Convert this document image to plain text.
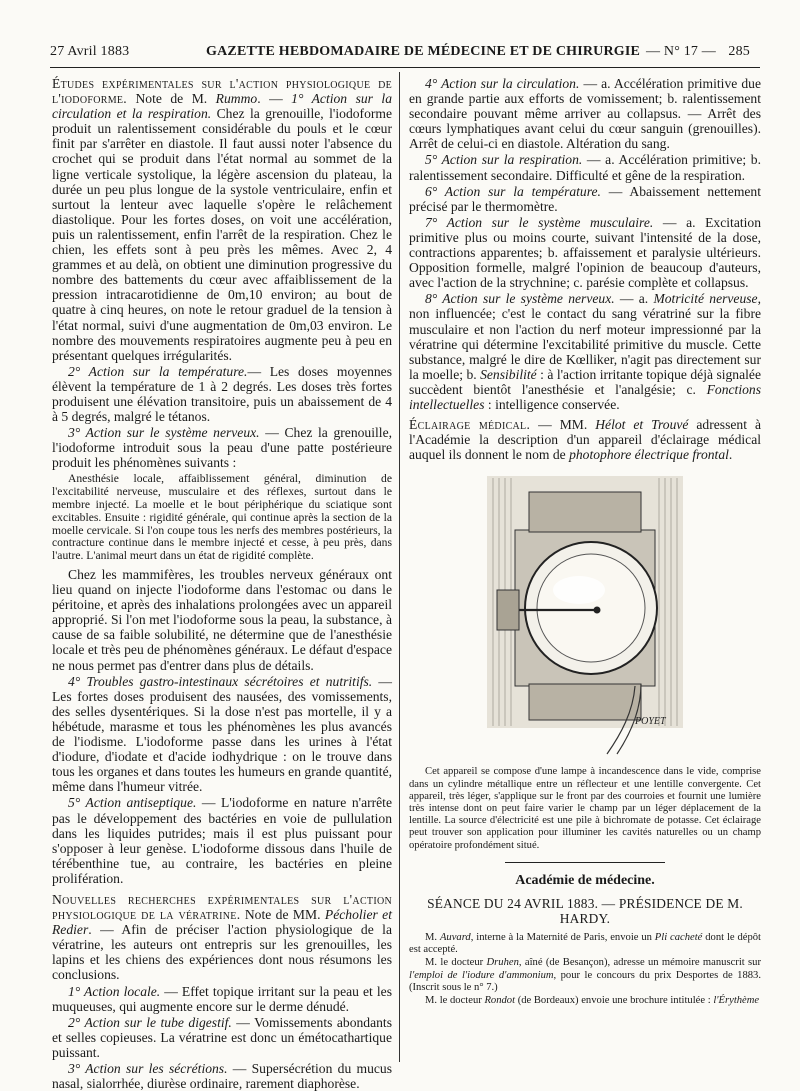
27 Avril 1883	GAZETTE HEBDOMADAIRE DE MÉDECINE ET DE CHIRURGIE — N° 17 — 285

Études expérimentales sur l'action physiologique de l'iodoforme. Note de M. Rummo. — 1° Action sur la circulation et la respiration. Chez la grenouille, l'iodoforme produit un ralentissement considérable du pouls et le cœur finit par s'arrêter en diastole. Il faut aussi noter l'absence du crochet qui se produit dans l'état normal au sommet de la ligne verticale systolique, la légère ascension du plateau, la durée un peu plus longue de la systole ventriculaire, enfin et surtout la lenteur avec laquelle s'opère le relâchement diastolique. Pour les fortes doses, on voit une accélération, puis un ralentissement, enfin l'arrêt de la respiration. Chez le chien, les effets sont à peu près les mêmes. Avec 2, 4 grammes et au delà, on obtient une diminution progressive du nombre des battements du cœur avec affaiblissement de la pression intracarotidienne de 0m,10 environ; au bout de quatre à cinq heures, on note le retour graduel de la tension à l'état normal, suivi d'une augmentation de 0m,03 environ. Le nombre des mouvements respiratoires augmente peu à peu en présentant quelques irrégularités.

2° Action sur la température.— Les doses moyennes élèvent la température de 1 à 2 degrés. Les doses très fortes produisent une élévation transitoire, puis un abaissement de 4 à 5 degrés, malgré le tétanos.

3° Action sur le système nerveux. — Chez la grenouille, l'iodoforme introduit sous la peau d'une patte postérieure produit les phénomènes suivants :

Anesthésie locale, affaiblissement général, diminution de l'excitabilité nerveuse, musculaire et des réflexes, surtout dans le membre injecté. La moelle et le bout périphérique du sciatique sont excitables. Ensuite : rigidité générale, qui continue après la section de la moelle cervicale. Si l'on coupe tous les nerfs des membres postérieurs, la contracture continue dans le membre injecté et cesse, à peu près, dans l'autre. L'animal meurt dans un état de rigidité complète.

Chez les mammifères, les troubles nerveux généraux ont lieu quand on injecte l'iodoforme dans l'estomac ou dans le péritoine, et après des inhalations prolongées avec un appareil approprié. Si l'on met l'iodoforme sous la peau, la substance, à cause de sa faible solubilité, ne détermine que de l'anesthésie locale et très peu de phénomènes généraux. Le défaut d'espace ne nous permet pas d'entrer dans plus de détails.

4° Troubles gastro-intestinaux sécrétoires et nutritifs. — Les fortes doses produisent des nausées, des vomissements, des selles dysentériques. Si la dose n'est pas mortelle, il y a hébétude, marasme et tous les phénomènes les plus avancés de l'iodisme. L'iodoforme passe dans les urines à l'état d'iodure, d'iodate et d'acide iodhydrique : on le trouve dans tous les organes et dans toutes les humeurs en grande quantité, même dans l'humeur vitrée.

5° Action antiseptique. — L'iodoforme en nature n'arrête pas le développement des bactéries en voie de pullulation dans les liquides putrides; mais il est plus puissant pour s'opposer à leur genèse. L'iodoforme dissous dans l'huile de térébenthine tue, au contraire, les bactéries en pleine prolifération.

Nouvelles recherches expérimentales sur l'action physiologique de la vératrine. Note de MM. Pécholier et Redier. — Afin de préciser l'action physiologique de la vératrine, les auteurs ont entrepris sur les grenouilles, les lapins et les chiens des expériences dont nous résumons les conclusions.

1° Action locale. — Effet topique irritant sur la peau et les muqueuses, qui augmente encore sur le derme dénudé.

2° Action sur le tube digestif. — Vomissements abondants et selles copieuses. La vératrine est donc un émétocathartique puissant.

3° Action sur les sécrétions. — Supersécrétion du mucus nasal, sialorrhée, diurèse ordinaire, rarement diaphorèse.

4° Action sur la circulation. — a. Accélération primitive due en grande partie aux efforts de vomissement; b. ralentissement secondaire pouvant même arriver au collapsus. — Arrêt des cœurs lymphatiques avant celui du cœur sanguin (grenouilles). Arrêt de celui-ci en diastole. Altération du sang.

5° Action sur la respiration. — a. Accélération primitive; b. ralentissement secondaire. Difficulté et gêne de la respiration.

6° Action sur la température. — Abaissement nettement précisé par le thermomètre.

7° Action sur le système musculaire. — a. Excitation primitive plus ou moins courte, suivant l'intensité de la dose, contractions apparentes; b. affaissement et paralysie ultérieurs. Opposition formelle, malgré l'opinion de beaucoup d'auteurs, avec l'action de la strychnine; c. parésie complète et collapsus.

8° Action sur le système nerveux. — a. Motricité nerveuse, non influencée; c'est le contact du sang vératriné sur la fibre musculaire et non l'action du nerf moteur impressionné par la vératrine qui détermine l'excitabilité primitive du muscle. Cette substance, malgré le dire de Kœlliker, n'agit pas directement sur la moelle; b. Sensibilité : à l'action irritante topique déjà signalée succèdent bientôt l'anesthésie et l'analgésie; c. Fonctions intellectuelles : intelligence conservée.

Éclairage médical. — MM. Hélot et Trouvé adressent à l'Académie la description d'un appareil d'éclairage médical auquel ils donnent le nom de photophore électrique frontal.

POYET

Cet appareil se compose d'une lampe à incandescence dans le vide, comprise dans un cylindre métallique entre un réflecteur et une lentille convergente. Cet appareil, très léger, s'applique sur le front par des courroies et fournit une lumière très intense dont on peut faire varier le champ par un léger déplacement de la lentille. La source d'électricité est une pile à bichromate de potasse. Cet éclairage peut trouver son application pour illuminer les cavités naturelles ou un champ opératoire profondément situé.

Académie de médecine.
SÉANCE DU 24 AVRIL 1883. — PRÉSIDENCE DE M. HARDY.

M. Auvard, interne à la Maternité de Paris, envoie un Pli cacheté dont le dépôt est accepté.

M. le docteur Druhen, aîné (de Besançon), adresse un mémoire manuscrit sur l'emploi de l'iodure d'ammonium, pour le concours du prix Desportes de 1883. (Inscrit sous le n° 7.)

M. le docteur Rondot (de Bordeaux) envoie une brochure intitulée : l'Érythème
